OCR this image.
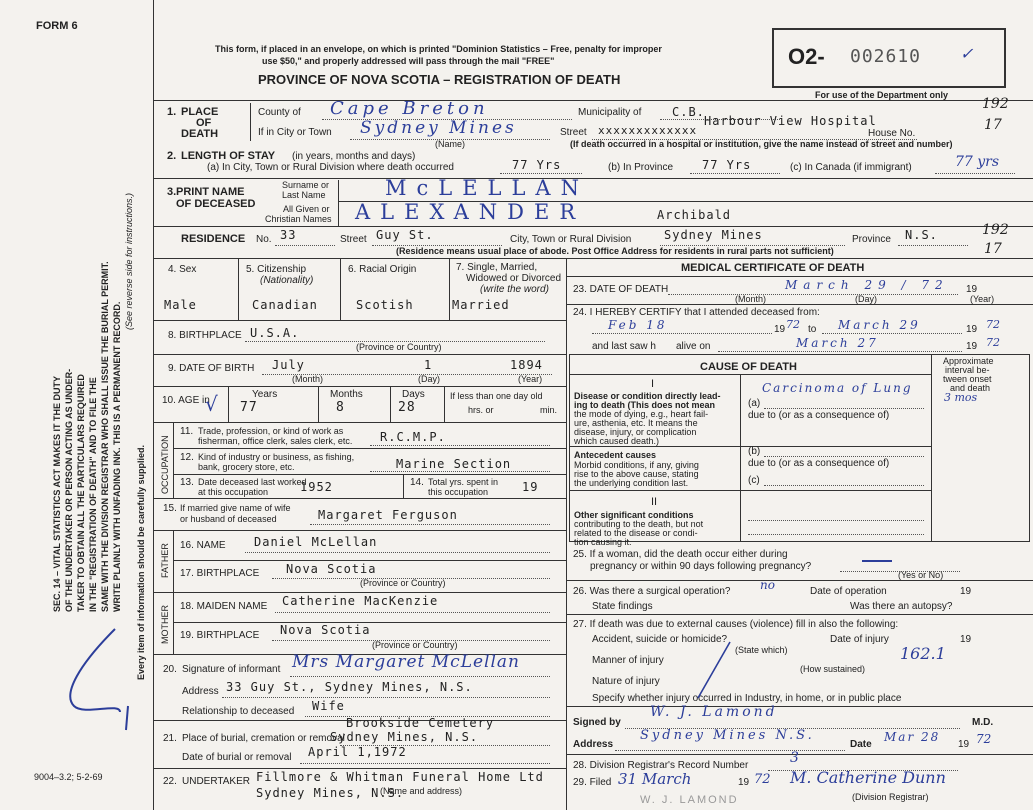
FORM 6
SEC. 14 – VITAL STATISTICS ACT MAKES IT THE DUTY OF THE UNDERTAKER OR PERSON ACTING AS UNDER- TAKER TO OBTAIN ALL THE PARTICULARS REQUIRED IN THE "REGISTRATION OF DEATH" AND TO FILE THE SAME WITH THE DIVISION REGISTRAR WHO SHALL ISSUE THE BURIAL PERMIT. WRITE PLAINLY WITH UNFADING INK. THIS IS A PERMANENT RECORD.
(See reverse side for instructions.)
Every item of information should be carefully supplied.
9004–3.2; 5-2-69
This form, if placed in an envelope, on which is printed "Dominion Statistics – Free, penalty for improper
use $50," and properly addressed will pass through the mail "FREE"
PROVINCE OF NOVA SCOTIA – REGISTRATION OF DEATH
O2- 002610 ✓
For use of the Department only
1. PLACE
OF
DEATH
County of Cape Breton	Municipality of	C.B.	192
If in City or Town Sydney Mines	Street xxxxxxxxxxxxx
Harbour View Hospital
House No.
17
(Name)	(If death occurred in a hospital or institution, give the name instead of street and number)
2. LENGTH OF STAY (in years, months and days)
(a) In City, Town or Rural Division where death occurred	77 Yrs	(b) In Province 77 Yrs	(c) In Canada (if immigrant)	77 yrs
3. PRINT NAME
OF DECEASED
Surname or
Last Name	McLELLAN
All Given or
Christian Names ALEXANDER	Archibald
RESIDENCE No. 33	Street Guy St.	City, Town or Rural Division	Sydney Mines	Province N.S.	192
17
(Residence means usual place of abode. Post Office Address for residents in rural parts not sufficient)
4. Sex
Male
5. Citizenship
(Nationality)
Canadian
6. Racial Origin
Scotish
7. Single, Married,
Widowed or Divorced
(write the word)
Married
8. BIRTHPLACE U.S.A.
(Province or Country)
9. DATE OF BIRTH July	1	1894
(Month)	(Day)	(Year)
10. AGE in
√	Years
77
Months
8
Days
28
If less than one day old
hrs. or	min.
OCCUPATION
11. Trade, profession, or kind of work as
fisherman, office clerk, sales clerk, etc. R.C.M.P.
12. Kind of industry or business, as fishing,
bank, grocery store, etc.	Marine Section
13. Date deceased last worked
at this occupation	1952	14. Total yrs. spent in
this occupation	19
15. If married give name of wife
or husband of deceased	Margaret Ferguson
FATHER 16. NAME Daniel McLellan
17. BIRTHPLACE Nova Scotia
(Province or Country)
MOTHER 18. MAIDEN NAME Catherine MacKenzie
19. BIRTHPLACE Nova Scotia
(Province or Country)
20. Signature of informant Mrs Margaret McLellan
Address 33 Guy St., Sydney Mines, N.S.
Relationship to deceased Wife
21. Place of burial, cremation or removal
Brookside Cemetery
Sydney Mines, N.S.
Date of burial or removal April 1,1972
22. UNDERTAKER Fillmore & Whitman Funeral Home Ltd
Sydney Mines, N.S.
(Name and address)
MEDICAL CERTIFICATE OF DEATH
23. DATE OF DEATH	March 29 / 72 19
(Month)	(Day)	(Year)
24. I HEREBY CERTIFY that I attended deceased from:
Feb 18	19 72 to March 29	19 72
and last saw h alive on	March 27	19 72
CAUSE OF DEATH	Approximate
interval be-
tween onset
and death
I
Disease or condition directly lead-
ing to death (This does not mean
the mode of dying, e.g., heart fail-
ure, asthenia, etc. It means the
disease, injury, or complication
which caused death.)
(a)
Carcinoma of Lung
3 mos
due to (or as a consequence of)
Antecedent causes
Morbid conditions, if any, giving
rise to the above cause, stating
the underlying condition last.
(b)
due to (or as a consequence of)
(c)
II
Other significant conditions
contributing to the death, but not
related to the disease or condi-
tion causing it.
25. If a woman, did the death occur either during
pregnancy or within 90 days following pregnancy?
(Yes or No)
26. Was there a surgical operation? no	Date of operation	19
State findings	Was there an autopsy?
27. If death was due to external causes (violence) fill in also the following:
Accident, suicide or homicide?	Date of injury	19
(State which)
Manner of injury	162.1
(How sustained)
Nature of injury
Specify whether injury occurred in Industry, in home, or in public place
Signed by
W. J. Lamond
M.D.
Address
Sydney Mines N.S.
Date
Mar 28
19 72
28. Division Registrar's Record Number	3
29. Filed 31 March	19 72 M. Catherine Dunn
(Division Registrar)
W. J. LAMOND
